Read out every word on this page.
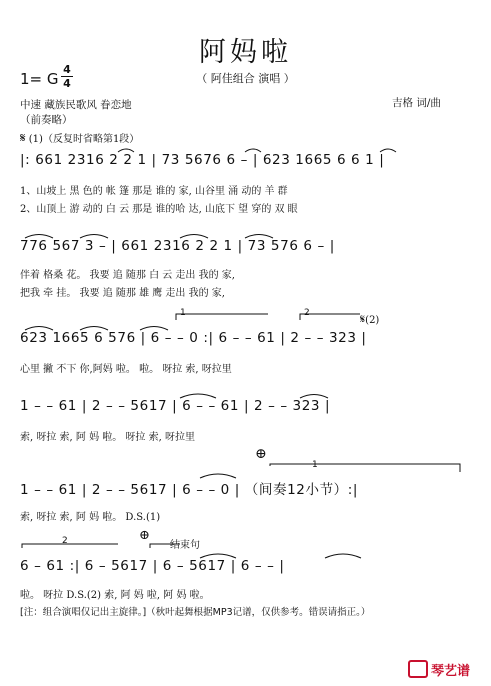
阿妈啦
（ 阿佳组合 演唱 ）
1= G
4
4
中速 藏族民歌风 眷恋地	吉格 词/曲
（前奏略）
𝄋 (1)（反复时省略第1段）
|: 661 2316 2 2 1 | 73 5676 6 – | 623 1665 6 6 1 |
1、山坡上 黑 色的 帐 篷 那是 谁的 家, 山谷里 涌 动的 羊 群
2、山顶上 游 动的 白 云 那是 谁的哈 达, 山底下 望 穿的 双 眼
776 567 3 – | 661 2316 2 2 1 | 73 576 6 – |
伴着 格桑 花。 我要 追 随那 白 云 走出 我的 家,
把我 牵 挂。 我要 追 随那 雄 鹰 走出 我的 家,
1	2	𝄋(2)
623 1665 6 576 | 6 – – 0 :| 6 – – 61 | 2 – – 323 |
心里 撇 不下 你,阿妈 啦。 啦。 呀拉 索, 呀拉里
1 – – 61 | 2 – – 5617 | 6 – – 61 | 2 – – 323 |
索, 呀拉 索, 阿 妈 啦。 呀拉 索, 呀拉里
⊕
1
1 – – 61 | 2 – – 5617 | 6 – – 0 | （间奏12小节）:|
索, 呀拉 索, 阿 妈 啦。 D.S.(1)
2	⊕
结束句
6 – 61 :| 6 – 5617 | 6 – 5617 | 6 – – |
啦。 呀拉 D.S.(2) 索, 阿 妈 啦, 阿 妈 啦。
[注：组合演唱仅记出主旋律。]（秋叶起舞根据MP3记谱，仅供参考。错误请指正。）
琴艺谱
